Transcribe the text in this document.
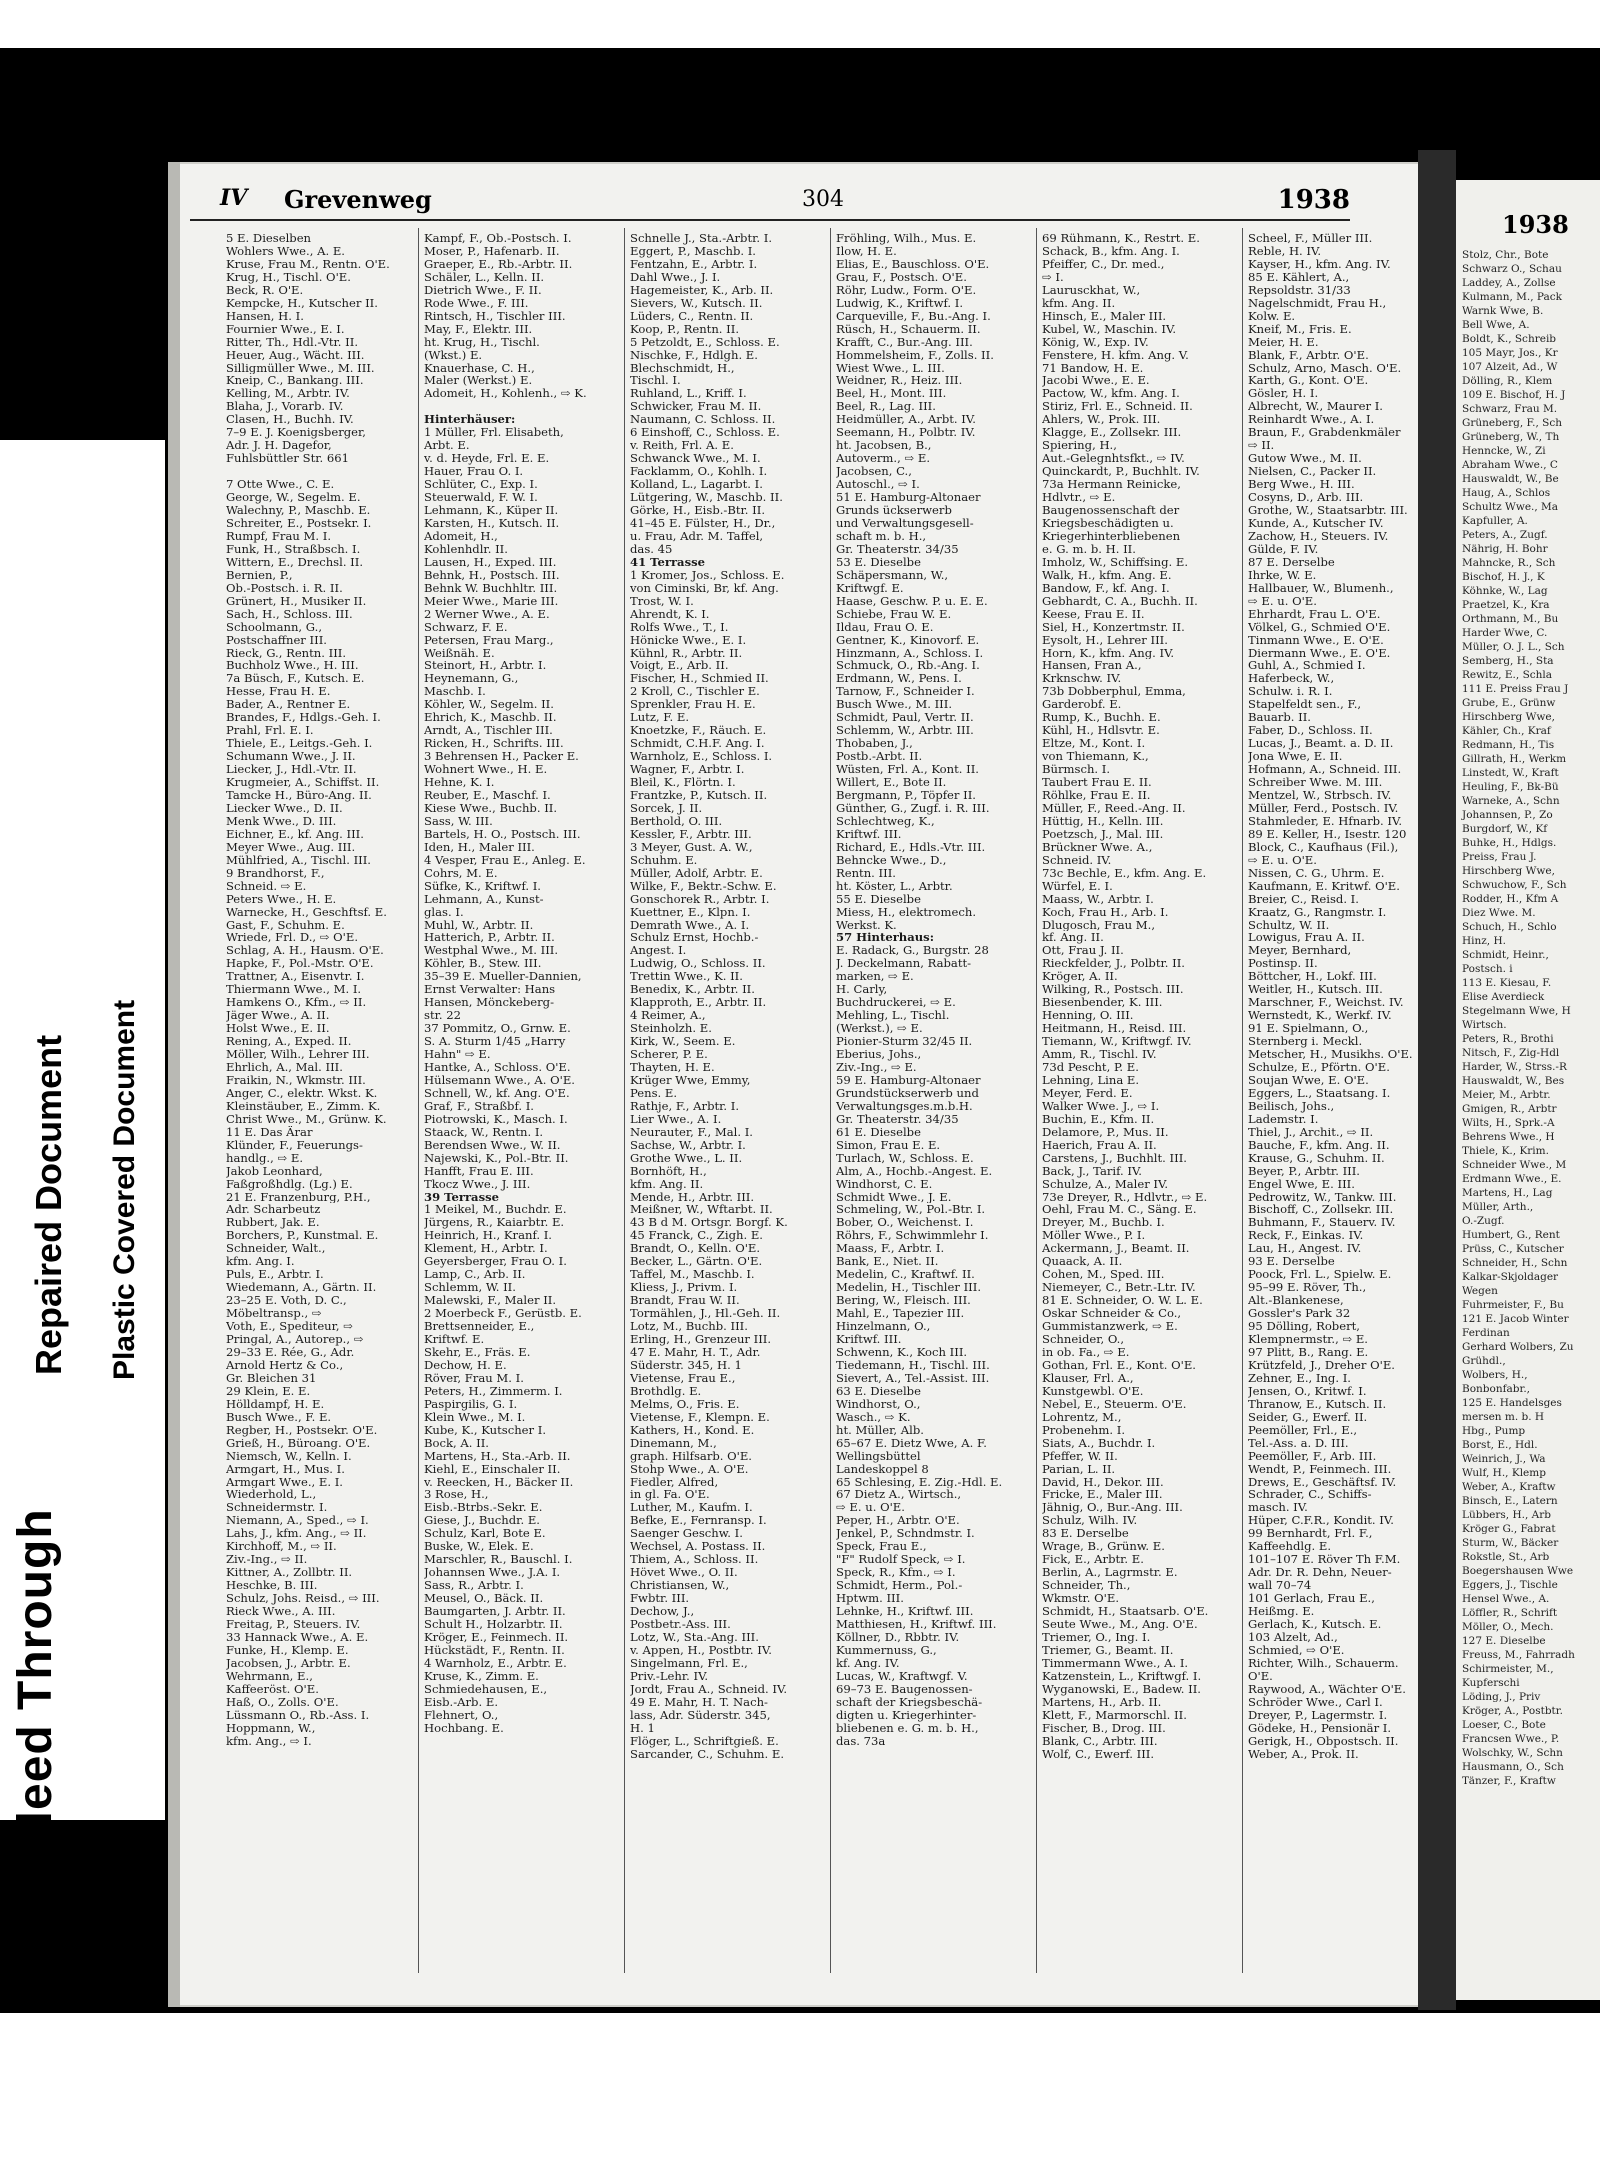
Bleed Through
Repaired Document Plastic Covered Document
1938
Stolz, Chr., Bote
Schwarz O., Schau
Laddey, A., Zollse
Kulmann, M., Pack
Warnk Wwe, B.
Bell Wwe, A.
Boldt, K., Schreib
105 Mayr, Jos., Kr
107 Alzeit, Ad., W
Dölling, R., Klem
109 E. Bischof, H. J
Schwarz, Frau M.
Grüneberg, F., Sch
Grüneberg, W., Th
Henncke, W., Zi
Abraham Wwe., C
Hauswaldt, W., Be
Haug, A., Schlos
Schultz Wwe., Ma
Kapfuller, A.
Peters, A., Zugf.
Nährig, H. Bohr
Mahncke, R., Sch
Bischof, H. J., K
Köhnke, W., Lag
Praetzel, K., Kra
Orthmann, M., Bu
Harder Wwe, C.
Müller, O. J. L., Sch
Semberg, H., Sta
Rewitz, E., Schla
111 E. Preiss Frau J
Grube, E., Grünw
Hirschberg Wwe,
Kähler, Ch., Kraf
Redmann, H., Tis
Gillrath, H., Werkm
Linstedt, W., Kraft
Heuling, F., Bk-Bü
Warneke, A., Schn
Johannsen, P., Zo
Burgdorf, W., Kf
Buhke, H., Hdlgs.
Preiss, Frau J.
Hirschberg Wwe,
Schwuchow, F., Sch
Rodder, H., Kfm A
Diez Wwe. M.
Schuch, H., Schlo
Hinz, H.
Schmidt, Heinr.,
Postsch. i
113 E. Kiesau, F.
Elise Averdieck
Stegelmann Wwe, H
Wirtsch.
Peters, R., Brothi
Nitsch, F., Zig-Hdl
Harder, W., Strss.-R
Hauswaldt, W., Bes
Meier, M., Arbtr.
Gmigen, R., Arbtr
Wilts, H., Sprk.-A
Behrens Wwe., H
Thiele, K., Krim.
Schneider Wwe., M
Erdmann Wwe., E.
Martens, H., Lag
Müller, Arth.,
O.-Zugf.
Humbert, G., Rent
Prüss, C., Kutscher
Schneider, H., Schn
Kalkar-Skjoldager
Wegen
Fuhrmeister, F., Bu
121 E. Jacob Winter
Ferdinan
Gerhard Wolbers, Zu
Grühdl.,
Wolbers, H.,
Bonbonfabr.,
125 E. Handelsges
mersen m. b. H
Hbg., Pump
Borst, E., Hdl.
Weinrich, J., Wa
Wulf, H., Klemp
Weber, A., Kraftw
Binsch, E., Latern
Lübbers, H., Arb
Kröger G., Fabrat
Sturm, W., Bäcker
Rokstle, St., Arb
Boegershausen Wwe
Eggers, J., Tischle
Hensel Wwe., A.
Löffler, R., Schrift
Möller, O., Mech.
127 E. Dieselbe
Freuss, M., Fahrradh
Schirmeister, M.,
Kupferschi
Löding, J., Priv
Kröger, A., Postbtr.
Loeser, C., Bote
Francsen Wwe., P.
Wolschky, W., Schn
Hausmann, O., Sch
Tänzer, F., Kraftw
IV Grevenweg	304	1938
5 E. Dieselben
Wohlers Wwe., A. E.
Kruse, Frau M., Rentn. O'E.
Krug, H., Tischl. O'E.
Beck, R. O'E.
Kempcke, H., Kutscher II.
Hansen, H. I.
Fournier Wwe., E. I.
Ritter, Th., Hdl.-Vtr. II.
Heuer, Aug., Wächt. III.
Silligmüller Wwe., M. III.
Kneip, C., Bankang. III.
Kelling, M., Arbtr. IV.
Blaha, J., Vorarb. IV.
Clasen, H., Buchh. IV.
7–9 E. J. Koenigsberger,
Adr. J. H. Dagefor,
Fuhlsbüttler Str. 661

7 Otte Wwe., C. E.
George, W., Segelm. E.
Walechny, P., Maschb. E.
Schreiter, E., Postsekr. I.
Rumpf, Frau M. I.
Funk, H., Straßbsch. I.
Wittern, E., Drechsl. II.
Bernien, P.,
Ob.-Postsch. i. R. II.
Grünert, H., Musiker II.
Sach, H., Schloss. III.
Schoolmann, G.,
Postschaffner III.
Rieck, G., Rentn. III.
Buchholz Wwe., H. III.
7a Büsch, F., Kutsch. E.
Hesse, Frau H. E.
Bader, A., Rentner E.
Brandes, F., Hdlgs.-Geh. I.
Prahl, Frl. E. I.
Thiele, E., Leitgs.-Geh. I.
Schumann Wwe., J. II.
Liecker, J., Hdl.-Vtr. II.
Krugmeier, A., Schiffst. II.
Tamcke H., Büro-Ang. II.
Liecker Wwe., D. II.
Menk Wwe., D. III.
Eichner, E., kf. Ang. III.
Meyer Wwe., Aug. III.
Mühlfried, A., Tischl. III.
9 Brandhorst, F.,
Schneid. ⇨ E.
Peters Wwe., H. E.
Warnecke, H., Geschftsf. E.
Gast, F., Schuhm. E.
Wriede, Frl. D., ⇨ O'E.
Schlag, A. H., Hausm. O'E.
Hapke, F., Pol.-Mstr. O'E.
Trattner, A., Eisenvtr. I.
Thiermann Wwe., M. I.
Hamkens O., Kfm., ⇨ II.
Jäger Wwe., A. II.
Holst Wwe., E. II.
Rening, A., Exped. II.
Möller, Wilh., Lehrer III.
Ehrlich, A., Mal. III.
Fraikin, N., Wkmstr. III.
Anger, C., elektr. Wkst. K.
Kleinstäuber, E., Zimm. K.
Christ Wwe., M., Grünw. K.
11 E. Das Ärar
Klünder, F., Feuerungs-
handlg., ⇨ E.
Jakob Leonhard,
Faßgroßhdlg. (Lg.) E.
21 E. Franzenburg, P.H.,
Adr. Scharbeutz
Rubbert, Jak. E.
Borchers, P., Kunstmal. E.
Schneider, Walt.,
kfm. Ang. I.
Puls, E., Arbtr. I.
Wiedemann, A., Gärtn. II.
23–25 E. Voth, D. C.,
Möbeltransp., ⇨
Voth, E., Spediteur, ⇨
Pringal, A., Autorep., ⇨
29–33 E. Rée, G., Adr.
Arnold Hertz & Co.,
Gr. Bleichen 31
29 Klein, E. E.
Hölldampf, H. E.
Busch Wwe., F. E.
Regber, H., Postsekr. O'E.
Grieß, H., Büroang. O'E.
Niemsch, W., Kelln. I.
Armgart, H., Mus. I.
Armgart Wwe., E. I.
Wiederhold, L.,
Schneidermstr. I.
Niemann, A., Sped., ⇨ I.
Lahs, J., kfm. Ang., ⇨ II.
Kirchhoff, M., ⇨ II.
Ziv.-Ing., ⇨ II.
Kittner, A., Zollbtr. II.
Heschke, B. III.
Schulz, Johs. Reisd., ⇨ III.
Rieck Wwe., A. III.
Freitag, P., Steuers. IV.
33 Hannack Wwe., A. E.
Funke, H., Klemp. E.
Jacobsen, J., Arbtr. E.
Wehrmann, E.,
Kaffeeröst. O'E.
Haß, O., Zolls. O'E.
Lüssmann O., Rb.-Ass. I.
Hoppmann, W.,
kfm. Ang., ⇨ I.
Kampf, F., Ob.-Postsch. I.
Moser, P., Hafenarb. II.
Graeper, E., Rb.-Arbtr. II.
Schäler, L., Kelln. II.
Dietrich Wwe., F. II.
Rode Wwe., F. III.
Rintsch, H., Tischler III.
May, F., Elektr. III.
ht. Krug, H., Tischl.
(Wkst.) E.
Knauerhase, C. H.,
Maler (Werkst.) E.
Adomeit, H., Kohlenh., ⇨ K.

Hinterhäuser:
1 Müller, Frl. Elisabeth,
Arbt. E.
v. d. Heyde, Frl. E. E.
Hauer, Frau O. I.
Schlüter, C., Exp. I.
Steuerwald, F. W. I.
Lehmann, K., Küper II.
Karsten, H., Kutsch. II.
Adomeit, H.,
Kohlenhdlr. II.
Lausen, H., Exped. III.
Behnk, H., Postsch. III.
Behnk W. Buchhltr. III.
Meier Wwe., Marie III.
2 Werner Wwe., A. E.
Schwarz, F. E.
Petersen, Frau Marg.,
Weißnäh. E.
Steinort, H., Arbtr. I.
Heynemann, G.,
Maschb. I.
Köhler, W., Segelm. II.
Ehrich, K., Maschb. II.
Arndt, A., Tischler III.
Ricken, H., Schrifts. III.
3 Behrensen H., Packer E.
Wohnert Wwe., H. E.
Hehne, K. I.
Reuber, E., Maschf. I.
Kiese Wwe., Buchb. II.
Sass, W. III.
Bartels, H. O., Postsch. III.
Iden, H., Maler III.
4 Vesper, Frau E., Anleg. E.
Cohrs, M. E.
Süfke, K., Kriftwf. I.
Lehmann, A., Kunst-
glas. I.
Muhl, W., Arbtr. II.
Hatterich, P., Arbtr. II.
Westphal Wwe., M. III.
Köhler, B., Stew. III.
35–39 E. Mueller-Dannien,
Ernst Verwalter: Hans
Hansen, Mönckeberg-
str. 22
37 Pommitz, O., Grnw. E.
S. A. Sturm 1/45 „Harry
Hahn" ⇨ E.
Hantke, A., Schloss. O'E.
Hülsemann Wwe., A. O'E.
Schnell, W., kf. Ang. O'E.
Graf, F., Straßbf. I.
Piotrowski, K., Masch. I.
Staack, W., Rentn. I.
Berendsen Wwe., W. II.
Najewski, K., Pol.-Btr. II.
Hanfft, Frau E. III.
Tkocz Wwe., J. III.
39 Terrasse
1 Meikel, M., Buchdr. E.
Jürgens, R., Kaiarbtr. E.
Heinrich, H., Kranf. I.
Klement, H., Arbtr. I.
Geyersberger, Frau O. I.
Lamp, C., Arb. II.
Schlemm, W. II.
Malewski, F., Maler II.
2 Moerbeck F., Gerüstb. E.
Brettsenneider, E.,
Kriftwf. E.
Skehr, E., Fräs. E.
Dechow, H. E.
Röver, Frau M. I.
Peters, H., Zimmerm. I.
Paspirgilis, G. I.
Klein Wwe., M. I.
Kube, K., Kutscher I.
Bock, A. II.
Martens, H., Sta.-Arb. II.
Kiehl, E., Einschaler II.
v. Reecken, H., Bäcker II.
3 Rose, H.,
Eisb.-Btrbs.-Sekr. E.
Giese, J., Buchdr. E.
Schulz, Karl, Bote E.
Buske, W., Elek. E.
Marschler, R., Bauschl. I.
Johannsen Wwe., J.A. I.
Sass, R., Arbtr. I.
Meusel, O., Bäck. II.
Baumgarten, J. Arbtr. II.
Schult H., Holzarbtr. II.
Kröger, E., Feinmech. II.
Hückstädt, F., Rentn. II.
4 Warnholz, E., Arbtr. E.
Kruse, K., Zimm. E.
Schmiedehausen, E.,
Eisb.-Arb. E.
Flehnert, O.,
Hochbang. E.
Schnelle J., Sta.-Arbtr. I.
Eggert, P., Maschb. I.
Fentzahn, E., Arbtr. I.
Dahl Wwe., J. I.
Hagemeister, K., Arb. II.
Sievers, W., Kutsch. II.
Lüders, C., Rentn. II.
Koop, P., Rentn. II.
5 Petzoldt, E., Schloss. E.
Nischke, F., Hdlgh. E.
Blechschmidt, H.,
Tischl. I.
Ruhland, L., Kriff. I.
Schwicker, Frau M. II.
Naumann, C. Schloss. II.
6 Einshoff, C., Schloss. E.
v. Reith, Frl. A. E.
Schwanck Wwe., M. I.
Facklamm, O., Kohlh. I.
Kolland, L., Lagarbt. I.
Lütgering, W., Maschb. II.
Görke, H., Eisb.-Btr. II.
41–45 E. Fülster, H., Dr.,
u. Frau, Adr. M. Taffel,
das. 45
41 Terrasse
1 Kromer, Jos., Schloss. E.
von Ciminski, Br, kf. Ang.
Trost, W. I.
Ahrendt, K. I.
Rolfs Wwe., T., I.
Hönicke Wwe., E. I.
Kühnl, R., Arbtr. II.
Voigt, E., Arb. II.
Fischer, H., Schmied II.
2 Kroll, C., Tischler E.
Sprenkler, Frau H. E.
Lutz, F. E.
Knoetzke, F., Räuch. E.
Schmidt, C.H.F. Ang. I.
Warnholz, E., Schloss. I.
Wagner, F., Arbtr. I.
Bleil, K., Flörtn. I.
Frantzke, P., Kutsch. II.
Sorcek, J. II.
Berthold, O. III.
Kessler, F., Arbtr. III.
3 Meyer, Gust. A. W.,
Schuhm. E.
Müller, Adolf, Arbtr. E.
Wilke, F., Bektr.-Schw. E.
Gonschorek R., Arbtr. I.
Kuettner, E., Klpn. I.
Demrath Wwe., A. I.
Schulz Ernst, Hochb.-
Angest. I.
Ludwig, O., Schloss. II.
Trettin Wwe., K. II.
Benedix, K., Arbtr. II.
Klapproth, E., Arbtr. II.
4 Reimer, A.,
Steinholzh. E.
Kirk, W., Seem. E.
Scherer, P. E.
Thayten, H. E.
Krüger Wwe, Emmy,
Pens. E.
Rathje, F., Arbtr. I.
Lier Wwe., A. I.
Neurauter, F., Mal. I.
Sachse, W., Arbtr. I.
Grothe Wwe., L. II.
Bornhöft, H.,
kfm. Ang. II.
Mende, H., Arbtr. III.
Meißner, W., Wftarbt. II.
43 B d M. Ortsgr. Borgf. K.
45 Franck, C., Zigh. E.
Brandt, O., Kelln. O'E.
Becker, L., Gärtn. O'E.
Taffel, M., Maschb. I.
Kliess, J., Privm. I.
Brandt, Frau W. II.
Tormählen, J., Hl.-Geh. II.
Lotz, M., Buchb. III.
Erling, H., Grenzeur III.
47 E. Mahr, H. T., Adr.
Süderstr. 345, H. 1
Vietense, Frau E.,
Brothdlg. E.
Melms, O., Fris. E.
Vietense, F., Klempn. E.
Kathers, H., Kond. E.
Dinemann, M.,
graph. Hilfsarb. O'E.
Stohp Wwe., A. O'E.
Fiedler, Alfred,
in gl. Fa. O'E.
Luther, M., Kaufm. I.
Befke, E., Fernransp. I.
Saenger Geschw. I.
Wechsel, A. Postass. II.
Thiem, A., Schloss. II.
Hövet Wwe., O. II.
Christiansen, W.,
Fwbtr. III.
Dechow, J.,
Postbetr.-Ass. III.
Lotz, W., Sta.-Ang. III.
v. Appen, H., Postbtr. IV.
Singelmann, Frl. E.,
Priv.-Lehr. IV.
Jordt, Frau A., Schneid. IV.
49 E. Mahr, H. T. Nach-
lass, Adr. Süderstr. 345,
H. 1
Flöger, L., Schriftgieß. E.
Sarcander, C., Schuhm. E.
Fröhling, Wilh., Mus. E.
Ilow, H. E.
Elias, E., Bauschloss. O'E.
Grau, F., Postsch. O'E.
Röhr, Ludw., Form. O'E.
Ludwig, K., Kriftwf. I.
Carqueville, F., Bu.-Ang. I.
Rüsch, H., Schauerm. II.
Krafft, C., Bur.-Ang. III.
Hommelsheim, F., Zolls. II.
Wiest Wwe., L. III.
Weidner, R., Heiz. III.
Beel, H., Mont. III.
Beel, R., Lag. III.
Heidmüller, A., Arbt. IV.
Seemann, H., Polbtr. IV.
ht. Jacobsen, B.,
Autoverm., ⇨ E.
Jacobsen, C.,
Autoschl., ⇨ I.
51 E. Hamburg-Altonaer
Grunds ückserwerb
und Verwaltungsgesell-
schaft m. b. H.,
Gr. Theaterstr. 34/35
53 E. Dieselbe
Schäpersmann, W.,
Kriftwgf. E.
Haase, Geschw. P. u. E. E.
Schiebe, Frau W. E.
Ildau, Frau O. E.
Gentner, K., Kinovorf. E.
Hinzmann, A., Schloss. I.
Schmuck, O., Rb.-Ang. I.
Erdmann, W., Pens. I.
Tarnow, F., Schneider I.
Busch Wwe., M. III.
Schmidt, Paul, Vertr. II.
Schlemm, W., Arbtr. III.
Thobaben, J.,
Postb.-Arbt. II.
Wüsten, Frl. A., Kont. II.
Willert, E., Bote II.
Bergmann, P., Töpfer II.
Günther, G., Zugf. i. R. III.
Schlechtweg, K.,
Kriftwf. III.
Richard, E., Hdls.-Vtr. III.
Behncke Wwe., D.,
Rentn. III.
ht. Köster, L., Arbtr.
55 E. Dieselbe
Miess, H., elektromech.
Werkst. K.
57 Hinterhaus:
E. Radack, G., Burgstr. 28
J. Deckelmann, Rabatt-
marken, ⇨ E.
H. Carly,
Buchdruckerei, ⇨ E.
Mehling, L., Tischl.
(Werkst.), ⇨ E.
Pionier-Sturm 32/45 II.
Eberius, Johs.,
Ziv.-Ing., ⇨ E.
59 E. Hamburg-Altonaer
Grundstückserwerb und
Verwaltungsges.m.b.H.
Gr. Theaterstr. 34/35
61 E. Dieselbe
Simon, Frau E. E.
Turlach, W., Schloss. E.
Alm, A., Hochb.-Angest. E.
Windhorst, C. E.
Schmidt Wwe., J. E.
Schmeling, W., Pol.-Btr. I.
Bober, O., Weichenst. I.
Röhrs, F., Schwimmlehr I.
Maass, F., Arbtr. I.
Bank, E., Niet. II.
Medelin, C., Kraftwf. II.
Medelin, H., Tischler III.
Bering, W., Fleisch. III.
Mahl, E., Tapezier III.
Hinzelmann, O.,
Kriftwf. III.
Schwenn, K., Koch III.
Tiedemann, H., Tischl. III.
Sievert, A., Tel.-Assist. III.
63 E. Dieselbe
Windhorst, O.,
Wasch., ⇨ K.
ht. Müller, Alb.
65–67 E. Dietz Wwe, A. F.
Wellingsbüttel
Landeskoppel 8
65 Schlesing, E. Zig.-Hdl. E.
67 Dietz A., Wirtsch.,
⇨ E. u. O'E.
Peper, H., Arbtr. O'E.
Jenkel, P., Schndmstr. I.
Speck, Frau E.,
"F" Rudolf Speck, ⇨ I.
Speck, R., Kfm., ⇨ I.
Schmidt, Herm., Pol.-
Hptwm. III.
Lehnke, H., Kriftwf. III.
Matthiesen, H., Kriftwf. III.
Köllner, D., Rbbtr. IV.
Kummernuss, G.,
kf. Ang. IV.
Lucas, W., Kraftwgf. V.
69–73 E. Baugenossen-
schaft der Kriegsbeschä-
digten u. Kriegerhinter-
bliebenen e. G. m. b. H.,
das. 73a
69 Rühmann, K., Restrt. E.
Schack, B., kfm. Ang. I.
Pfeiffer, C., Dr. med.,
⇨ I.
Laurusckhat, W.,
kfm. Ang. II.
Hinsch, E., Maler III.
Kubel, W., Maschin. IV.
König, W., Exp. IV.
Fenstere, H. kfm. Ang. V.
71 Bandow, H. E.
Jacobi Wwe., E. E.
Pactow, W., kfm. Ang. I.
Stiriz, Frl. E., Schneid. II.
Ahlers, W., Prok. III.
Klagge, E., Zollsekr. III.
Spiering, H.,
Aut.-Gelegnhtsfkt., ⇨ IV.
Quinckardt, P., Buchhlt. IV.
73a Hermann Reinicke,
Hdlvtr., ⇨ E.
Baugenossenschaft der
Kriegsbeschädigten u.
Kriegerhinterbliebenen
e. G. m. b. H. II.
Imholz, W., Schiffsing. E.
Walk, H., kfm. Ang. E.
Bandow, F., kf. Ang. I.
Gebhardt, C. A., Buchh. II.
Keese, Frau E. II.
Siel, H., Konzertmstr. II.
Eysolt, H., Lehrer III.
Horn, K., kfm. Ang. IV.
Hansen, Fran A.,
Krknschw. IV.
73b Dobberphul, Emma,
Garderobf. E.
Rump, K., Buchh. E.
Kühl, H., Hdlsvtr. E.
Eltze, M., Kont. I.
von Thiemann, K.,
Bürmsch. I.
Taubert Frau E. II.
Röhlke, Frau E. II.
Müller, F., Reed.-Ang. II.
Hüttig, H., Kelln. III.
Poetzsch, J., Mal. III.
Brückner Wwe. A.,
Schneid. IV.
73c Bechle, E., kfm. Ang. E.
Würfel, E. I.
Maass, W., Arbtr. I.
Koch, Frau H., Arb. I.
Dlugosch, Frau M.,
kf. Ang. II.
Ott, Frau J. II.
Rieckfelder, J., Polbtr. II.
Kröger, A. II.
Wilking, R., Postsch. III.
Biesenbender, K. III.
Henning, O. III.
Heitmann, H., Reisd. III.
Tiemann, W., Kriftwgf. IV.
Amm, R., Tischl. IV.
73d Pescht, P. E.
Lehning, Lina E.
Meyer, Ferd. E.
Walker Wwe. J., ⇨ I.
Buchin, E., Kfm. II.
Delamore, P., Mus. II.
Haerich, Frau A. II.
Carstens, J., Buchhlt. III.
Back, J., Tarif. IV.
Schulze, A., Maler IV.
73e Dreyer, R., Hdlvtr., ⇨ E.
Oehl, Frau M. C., Säng. E.
Dreyer, M., Buchb. I.
Möller Wwe., P. I.
Ackermann, J., Beamt. II.
Quaack, A. II.
Cohen, M., Sped. III.
Niemeyer, C., Betr.-Ltr. IV.
81 E. Schneider, O. W. L. E.
Oskar Schneider & Co.,
Gummistanzwerk, ⇨ E.
Schneider, O.,
in ob. Fa., ⇨ E.
Gothan, Frl. E., Kont. O'E.
Klauser, Frl. A.,
Kunstgewbl. O'E.
Nebel, E., Steuerm. O'E.
Lohrentz, M.,
Probenehm. I.
Siats, A., Buchdr. I.
Pfeffer, W. II.
Parian, L. II.
David, H., Dekor. III.
Fricke, E., Maler III.
Jähnig, O., Bur.-Ang. III.
Schulz, Wilh. IV.
83 E. Derselbe
Wrage, B., Grünw. E.
Fick, E., Arbtr. E.
Berlin, A., Lagrmstr. E.
Schneider, Th.,
Wkmstr. O'E.
Schmidt, H., Staatsarb. O'E.
Seute Wwe., M., Ang. O'E.
Triemer, O., Ing. I.
Triemer, G., Beamt. II.
Timmermann Wwe., A. I.
Katzenstein, L., Kriftwgf. I.
Wyganowski, E., Badew. II.
Martens, H., Arb. II.
Klett, F., Marmorschl. II.
Fischer, B., Drog. III.
Blank, C., Arbtr. III.
Wolf, C., Ewerf. III.
Scheel, F., Müller III.
Reble, H. IV.
Kayser, H., kfm. Ang. IV.
85 E. Kählert, A.,
Repsoldstr. 31/33
Nagelschmidt, Frau H.,
Kolw. E.
Kneif, M., Fris. E.
Meier, H. E.
Blank, F., Arbtr. O'E.
Schulz, Arno, Masch. O'E.
Karth, G., Kont. O'E.
Gösler, H. I.
Albrecht, W., Maurer I.
Reinhardt Wwe., A. I.
Braun, F., Grabdenkmäler
⇨ II.
Gutow Wwe., M. II.
Nielsen, C., Packer II.
Berg Wwe., H. III.
Cosyns, D., Arb. III.
Grothe, W., Staatsarbtr. III.
Kunde, A., Kutscher IV.
Zachow, H., Steuers. IV.
Gülde, F. IV.
87 E. Derselbe
Ihrke, W. E.
Hallbauer, W., Blumenh.,
⇨ E. u. O'E.
Ehrhardt, Frau L. O'E.
Völkel, G., Schmied O'E.
Tinmann Wwe., E. O'E.
Diermann Wwe., E. O'E.
Guhl, A., Schmied I.
Haferbeck, W.,
Schulw. i. R. I.
Stapelfeldt sen., F.,
Bauarb. II.
Faber, D., Schloss. II.
Lucas, J., Beamt. a. D. II.
Jona Wwe, E. II.
Hofmann, A., Schneid. III.
Schreiber Wwe. M. III.
Mentzel, W., Strbsch. IV.
Müller, Ferd., Postsch. IV.
Stahmleder, E. Hfnarb. IV.
89 E. Keller, H., Isestr. 120
Block, C., Kaufhaus (Fil.),
⇨ E. u. O'E.
Nissen, C. G., Uhrm. E.
Kaufmann, E. Kritwf. O'E.
Breier, C., Reisd. I.
Kraatz, G., Rangmstr. I.
Schultz, W. II.
Lowigus, Frau A. II.
Meyer, Bernhard,
Postinsp. II.
Böttcher, H., Lokf. III.
Weitler, H., Kutsch. III.
Marschner, F., Weichst. IV.
Wernstedt, K., Werkf. IV.
91 E. Spielmann, O.,
Sternberg i. Meckl.
Metscher, H., Musikhs. O'E.
Schulze, E., Pförtn. O'E.
Soujan Wwe, E. O'E.
Eggers, L., Staatsang. I.
Beilisch, Johs.,
Lademstr. I.
Thiel, J., Archit., ⇨ II.
Bauche, F., kfm. Ang. II.
Krause, G., Schuhm. II.
Beyer, P., Arbtr. III.
Engel Wwe, E. III.
Pedrowitz, W., Tankw. III.
Bischoff, C., Zollsekr. III.
Buhmann, F., Stauerv. IV.
Reck, F., Einkas. IV.
Lau, H., Angest. IV.
93 E. Derselbe
Poock, Frl. L., Spielw. E.
95–99 E. Röver, Th.,
Alt.-Blankenese,
Gossler's Park 32
95 Dölling, Robert,
Klempnermstr., ⇨ E.
97 Plitt, B., Rang. E.
Krützfeld, J., Dreher O'E.
Zehner, E., Ing. I.
Jensen, O., Kritwf. I.
Thranow, E., Kutsch. II.
Seider, G., Ewerf. II.
Peemöller, Frl., E.,
Tel.-Ass. a. D. III.
Peemöller, F., Arb. III.
Wendt, P., Feinmech. III.
Drews, E., Geschäftsf. IV.
Schrader, C., Schiffs-
masch. IV.
Hüper, C.F.R., Kondit. IV.
99 Bernhardt, Frl. F.,
Kaffeehdlg. E.
101–107 E. Röver Th F.M.
Adr. Dr. R. Dehn, Neuer-
wall 70–74
101 Gerlach, Frau E.,
Heißmg. E.
Gerlach, K., Kutsch. E.
103 Alzelt, Ad.,
Schmied, ⇨ O'E.
Richter, Wilh., Schauerm.
O'E.
Raywood, A., Wächter O'E.
Schröder Wwe., Carl I.
Dreyer, P., Lagermstr. I.
Gödeke, H., Pensionär I.
Gerigk, H., Obpostsch. II.
Weber, A., Prok. II.
